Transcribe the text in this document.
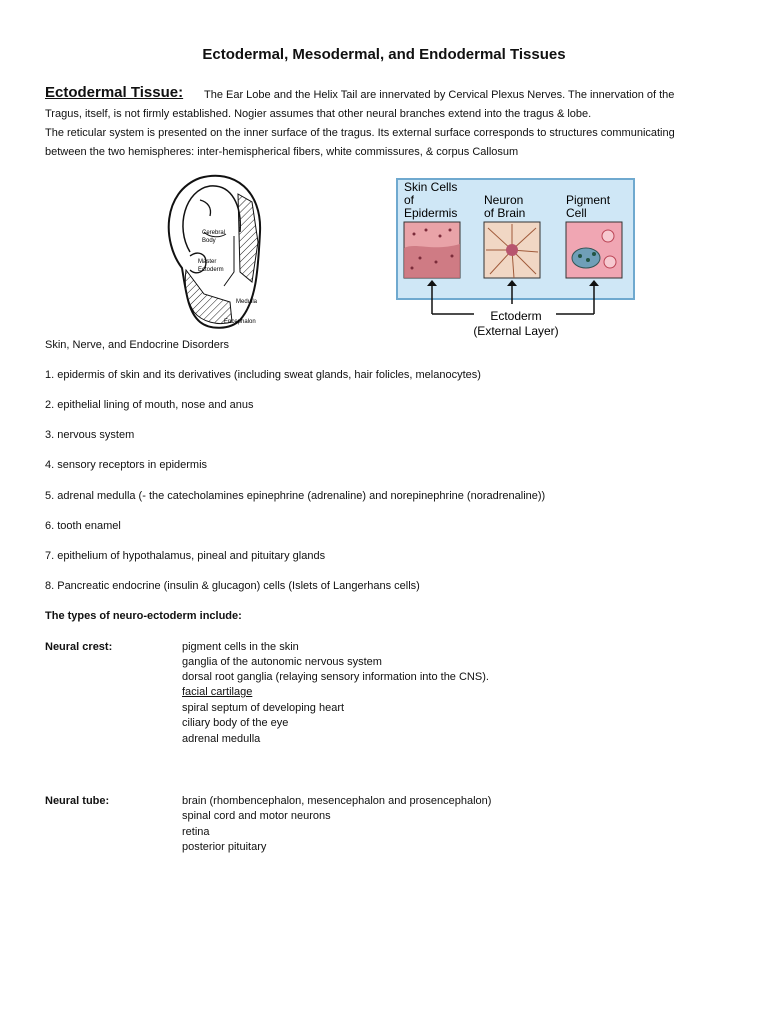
Ectodermal, Mesodermal, and Endodermal Tissues
Ectodermal Tissue: The Ear Lobe and the Helix Tail are innervated by Cervical Plexus Nerves. The innervation of the
Tragus, itself, is not firmly established. Nogier assumes that other neural branches extend into the tragus & lobe.
The reticular system is presented on the inner surface of the tragus. Its external surface corresponds to structures communicating
between the two hemispheres: inter-hemispherical fibers, white commissures, & corpus Callosum
Cerebral
Body
Master
Ectoderm
Medulla
Encephalon
Skin Cells
of
Epidermis
Neuron
of Brain
Pigment
Cell
Ectoderm
(External Layer)
Skin, Nerve, and Endocrine Disorders
1. epidermis of skin and its derivatives (including sweat glands, hair folicles, melanocytes)
2. epithelial lining of mouth, nose and anus
3. nervous system
4. sensory receptors in epidermis
5. adrenal medulla (- the catecholamines epinephrine (adrenaline) and norepinephrine (noradrenaline))
6. tooth enamel
7. epithelium of hypothalamus, pineal and pituitary glands
8. Pancreatic endocrine (insulin & glucagon) cells (Islets of Langerhans cells)
The types of neuro-ectoderm include:
Neural crest:	pigment cells in the skin
ganglia of the autonomic nervous system
dorsal root ganglia (relaying sensory information into the CNS).
facial cartilage
spiral septum of developing heart
ciliary body of the eye
adrenal medulla
Neural tube:	brain (rhombencephalon, mesencephalon and prosencephalon)
spinal cord and motor neurons
retina
posterior pituitary
